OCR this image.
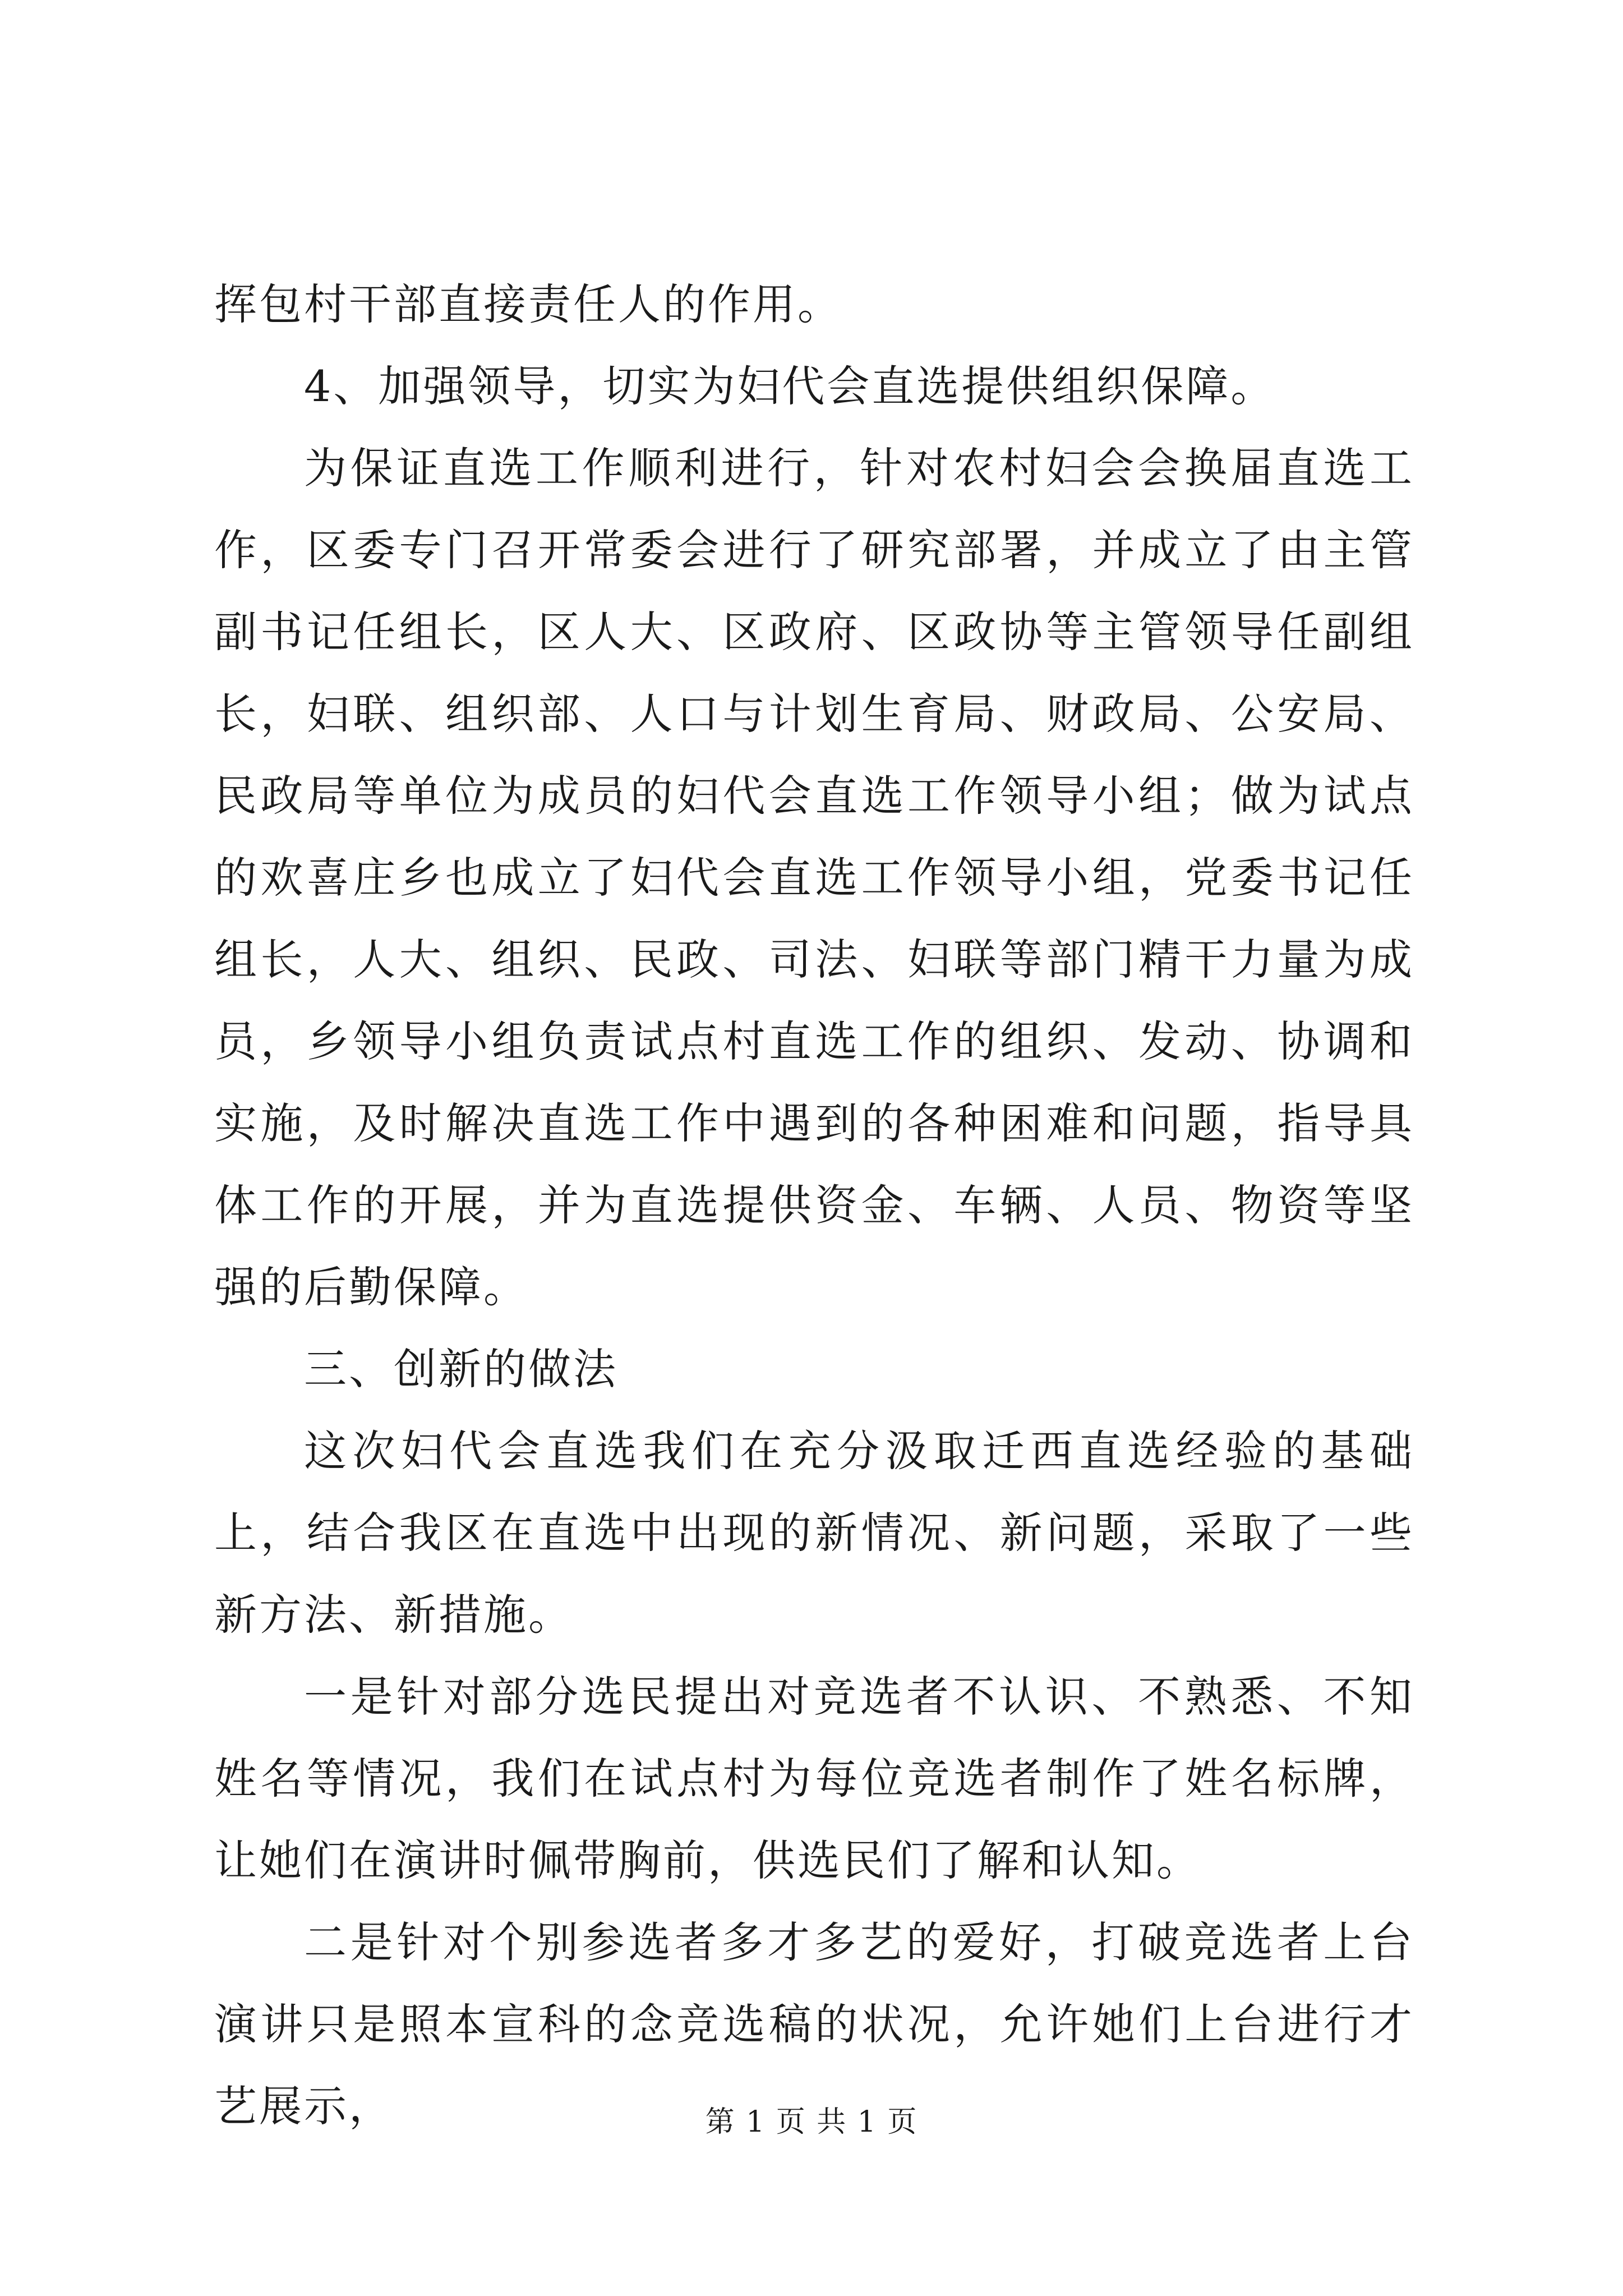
挥包村干部直接责任人的作用。

4、加强领导，切实为妇代会直选提供组织保障。

为保证直选工作顺利进行，针对农村妇会会换届直选工作，区委专门召开常委会进行了研究部署，并成立了由主管副书记任组长，区人大、区政府、区政协等主管领导任副组长，妇联、组织部、人口与计划生育局、财政局、公安局、民政局等单位为成员的妇代会直选工作领导小组；做为试点的欢喜庄乡也成立了妇代会直选工作领导小组，党委书记任组长，人大、组织、民政、司法、妇联等部门精干力量为成员，乡领导小组负责试点村直选工作的组织、发动、协调和实施，及时解决直选工作中遇到的各种困难和问题，指导具体工作的开展，并为直选提供资金、车辆、人员、物资等坚强的后勤保障。

三、创新的做法

这次妇代会直选我们在充分汲取迁西直选经验的基础上，结合我区在直选中出现的新情况、新问题，采取了一些新方法、新措施。

一是针对部分选民提出对竞选者不认识、不熟悉、不知姓名等情况，我们在试点村为每位竞选者制作了姓名标牌，让她们在演讲时佩带胸前，供选民们了解和认知。

二是针对个别参选者多才多艺的爱好，打破竞选者上台演讲只是照本宣科的念竞选稿的状况，允许她们上台进行才艺展示，	第 1 页 共 1 页
